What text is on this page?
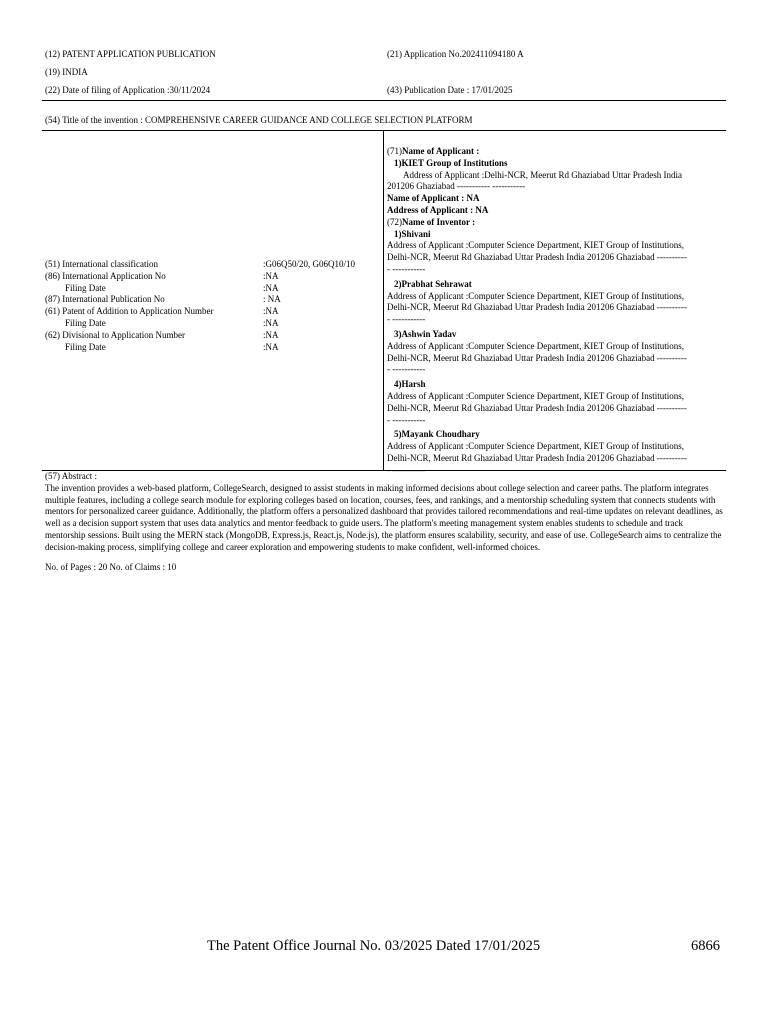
(12) PATENT APPLICATION PUBLICATION
(19) INDIA
(22) Date of filing of Application :30/11/2024
(21) Application No.202411094180 A
(43) Publication Date : 17/01/2025
(54) Title of the invention : COMPREHENSIVE CAREER GUIDANCE AND COLLEGE SELECTION PLATFORM
(51) International classification	:G06Q50/20, G06Q10/10
(86) International Application No	:NA
Filing Date	:NA
(87) International Publication No	: NA
(61) Patent of Addition to Application Number	:NA
Filing Date	:NA
(62) Divisional to Application Number	:NA
Filing Date	:NA
(71)Name of Applicant :
1)KIET Group of Institutions
Address of Applicant :Delhi-NCR, Meerut Rd Ghaziabad Uttar Pradesh India
201206 Ghaziabad ----------- -----------
Name of Applicant : NA
Address of Applicant : NA
(72)Name of Inventor :
1)Shivani
Address of Applicant :Computer Science Department, KIET Group of Institutions,
Delhi-NCR, Meerut Rd Ghaziabad Uttar Pradesh India 201206 Ghaziabad ----------
- -----------
2)Prabhat Sehrawat
Address of Applicant :Computer Science Department, KIET Group of Institutions,
Delhi-NCR, Meerut Rd Ghaziabad Uttar Pradesh India 201206 Ghaziabad ----------
- -----------
3)Ashwin Yadav
Address of Applicant :Computer Science Department, KIET Group of Institutions,
Delhi-NCR, Meerut Rd Ghaziabad Uttar Pradesh India 201206 Ghaziabad ----------
- -----------
4)Harsh
Address of Applicant :Computer Science Department, KIET Group of Institutions,
Delhi-NCR, Meerut Rd Ghaziabad Uttar Pradesh India 201206 Ghaziabad ----------
- -----------
5)Mayank Choudhary
Address of Applicant :Computer Science Department, KIET Group of Institutions,
Delhi-NCR, Meerut Rd Ghaziabad Uttar Pradesh India 201206 Ghaziabad ----------
- -----------
(57) Abstract :
The invention provides a web-based platform, CollegeSearch, designed to assist students in making informed decisions about college selection and career paths. The platform integrates multiple features, including a college search module for exploring colleges based on location, courses, fees, and rankings, and a mentorship scheduling system that connects students with mentors for personalized career guidance. Additionally, the platform offers a personalized dashboard that provides tailored recommendations and real-time updates on relevant deadlines, as well as a decision support system that uses data analytics and mentor feedback to guide users. The platform's meeting management system enables students to schedule and track mentorship sessions. Built using the MERN stack (MongoDB, Express.js, React.js, Node.js), the platform ensures scalability, security, and ease of use. CollegeSearch aims to centralize the decision-making process, simplifying college and career exploration and empowering students to make confident, well-informed choices.
No. of Pages : 20 No. of Claims : 10
The Patent Office Journal No. 03/2025 Dated 17/01/2025	6866
